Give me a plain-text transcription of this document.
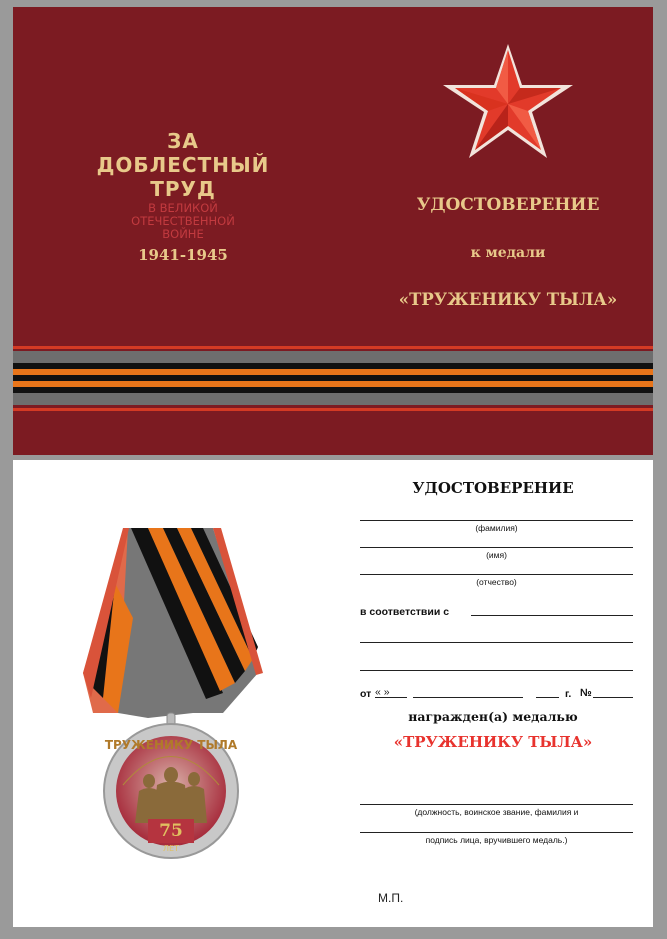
ЗА
ДОБЛЕСТНЫЙ
ТРУД
В ВЕЛИКОЙ
ОТЕЧЕСТВЕННОЙ
ВОЙНЕ
1941-1945
УДОСТОВЕРЕНИЕ
к медали
«ТРУЖЕНИКУ ТЫЛА»
ТРУЖЕНИКУ ТЫЛА
75
ЛЕТ
УДОСТОВЕРЕНИЕ
(фамилия)
(имя)
(отчество)
в соответствии с
от « »	г. №
награжден(а) медалью
«ТРУЖЕНИКУ ТЫЛА»
(должность, воинское звание, фамилия и
подпись лица, вручившего медаль.)
М.П.
